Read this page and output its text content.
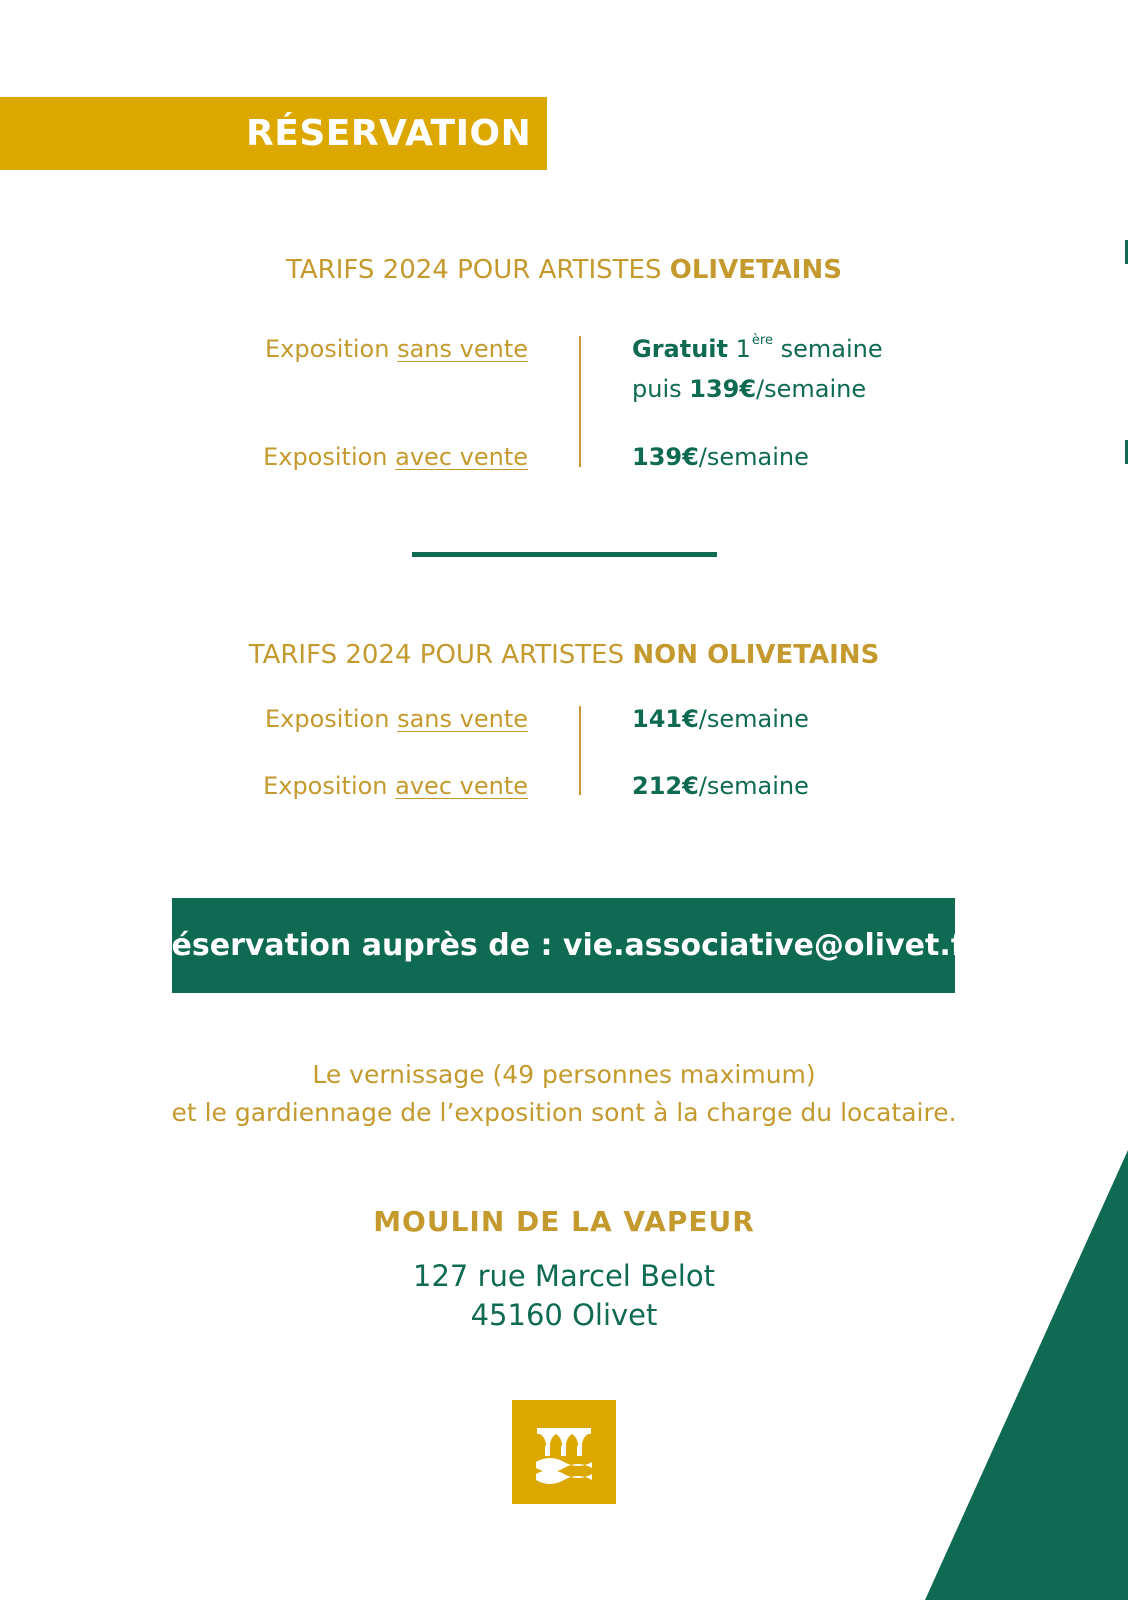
RÉSERVATION
TARIFS 2024 POUR ARTISTES OLIVETAINS
Exposition sans vente
Exposition avec vente
Gratuit 1ère semaine
puis 139€/semaine
139€/semaine
TARIFS 2024 POUR ARTISTES NON OLIVETAINS
Exposition sans vente
Exposition avec vente
141€/semaine
212€/semaine
Réservation auprès de : vie.associative@olivet.fr
Le vernissage (49 personnes maximum)
et le gardiennage de l’exposition sont à la charge du locataire.
MOULIN DE LA VAPEUR
127 rue Marcel Belot
45160 Olivet
